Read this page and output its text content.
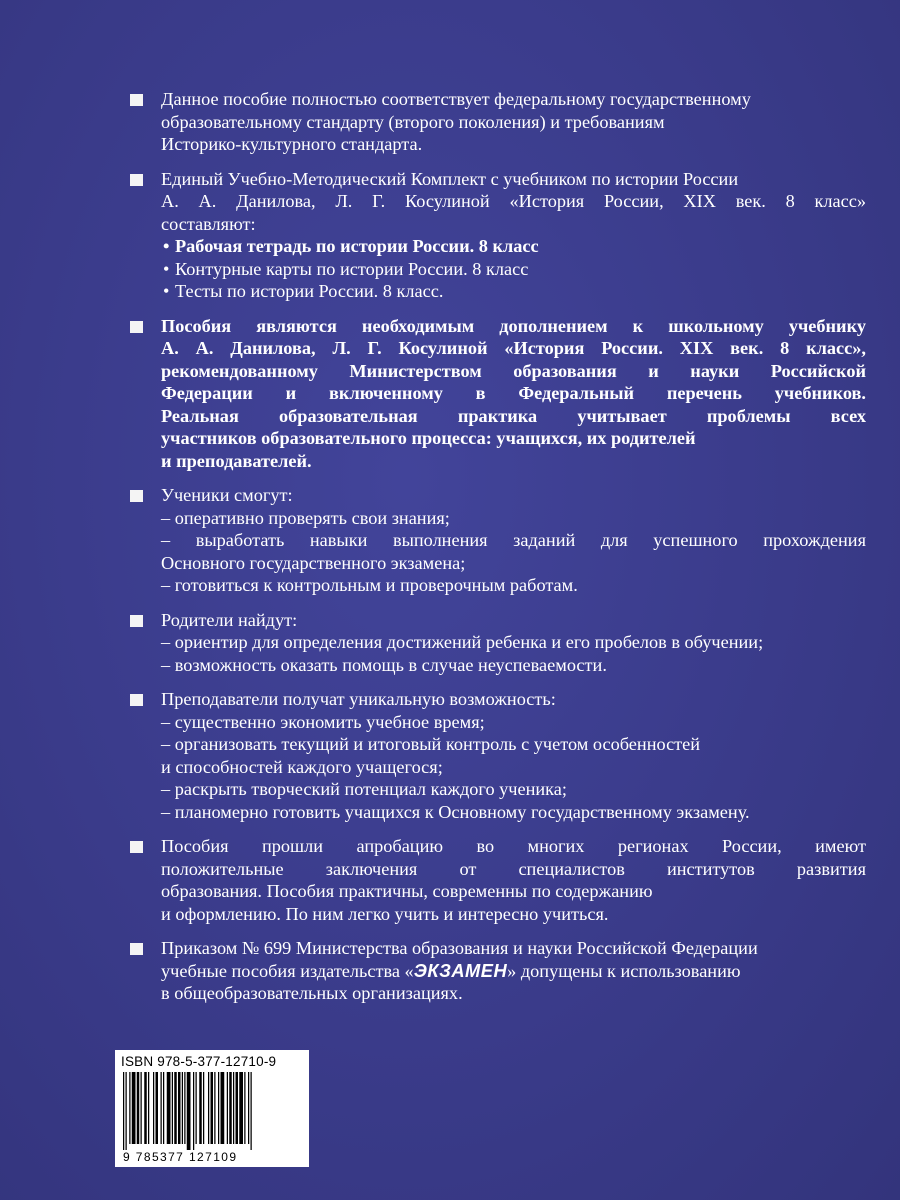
Данное пособие полностью соответствует федеральному государственному
образовательному стандарту (второго поколения) и требованиям
Историко-культурного стандарта.
Единый Учебно-Методический Комплект с учебником по истории России
А. А. Данилова, Л. Г. Косулиной «История России, XIX век. 8 класс»
составляют:
• Рабочая тетрадь по истории России. 8 класс
• Контурные карты по истории России. 8 класс
• Тесты по истории России. 8 класс.
Пособия являются необходимым дополнением к школьному учебнику
А. А. Данилова, Л. Г. Косулиной «История России. XIX век. 8 класс»,
рекомендованному Министерством образования и науки Российской
Федерации и включенному в Федеральный перечень учебников.
Реальная образовательная практика учитывает проблемы всех
участников образовательного процесса: учащихся, их родителей
и преподавателей.
Ученики смогут:
– оперативно проверять свои знания;
– выработать навыки выполнения заданий для успешного прохождения
Основного государственного экзамена;
– готовиться к контрольным и проверочным работам.
Родители найдут:
– ориентир для определения достижений ребенка и его пробелов в обучении;
– возможность оказать помощь в случае неуспеваемости.
Преподаватели получат уникальную возможность:
– существенно экономить учебное время;
– организовать текущий и итоговый контроль с учетом особенностей
и способностей каждого учащегося;
– раскрыть творческий потенциал каждого ученика;
– планомерно готовить учащихся к Основному государственному экзамену.
Пособия прошли апробацию во многих регионах России, имеют
положительные заключения от специалистов институтов развития
образования. Пособия практичны, современны по содержанию
и оформлению. По ним легко учить и интересно учиться.
Приказом № 699 Министерства образования и науки Российской Федерации
учебные пособия издательства «ЭКЗАМЕН» допущены к использованию
в общеобразовательных организациях.
ISBN 978-5-377-12710-9
9 785377 127109
